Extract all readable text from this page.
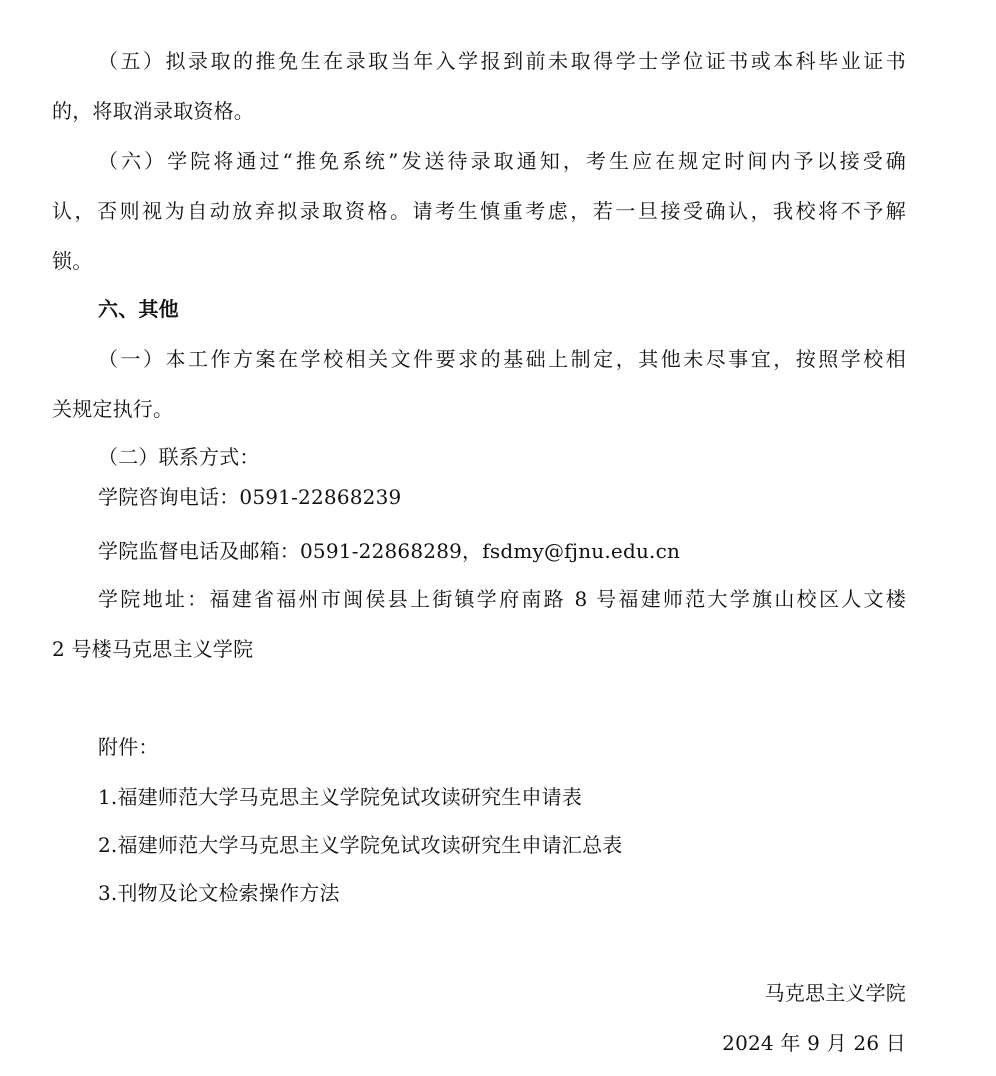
（五）拟录取的推免生在录取当年入学报到前未取得学士学位证书或本科毕业证书
的，将取消录取资格。
（六）学院将通过“推免系统”发送待录取通知，考生应在规定时间内予以接受确
认，否则视为自动放弃拟录取资格。请考生慎重考虑，若一旦接受确认，我校将不予解
锁。
六、其他
（一）本工作方案在学校相关文件要求的基础上制定，其他未尽事宜，按照学校相
关规定执行。
（二）联系方式：
学院咨询电话：0591-22868239
学院监督电话及邮箱：0591-22868289，fsdmy@fjnu.edu.cn
学院地址：福建省福州市闽侯县上街镇学府南路 8 号福建师范大学旗山校区人文楼
2 号楼马克思主义学院
附件：
1.福建师范大学马克思主义学院免试攻读研究生申请表
2.福建师范大学马克思主义学院免试攻读研究生申请汇总表
3.刊物及论文检索操作方法
马克思主义学院
2024 年 9 月 26 日
